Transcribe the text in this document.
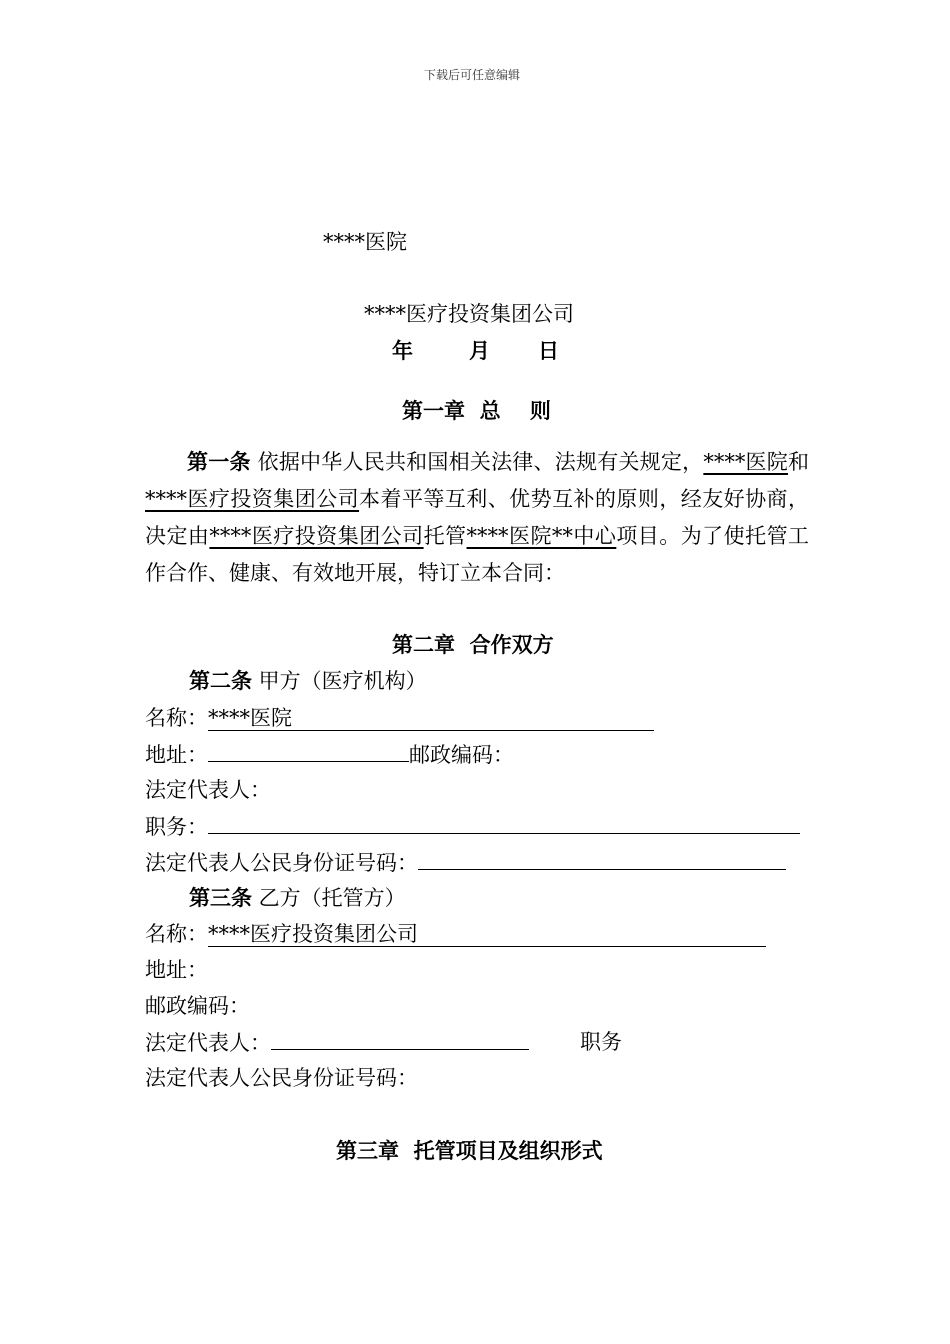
下载后可任意编辑
****医院
****医疗投资集团公司
年	月 日
第一章  总    则
第一条 依据中华人民共和国相关法律、法规有关规定，****医院和****医疗投资集团公司本着平等互利、优势互补的原则，经友好协商，决定由****医疗投资集团公司托管****医院**中心项目。为了使托管工作合作、健康、有效地开展，特订立本合同：
第二章  合作双方
第二条 甲方（医疗机构）
名称：****医院
地址：	邮政编码：
法定代表人：
职务：
法定代表人公民身份证号码：
第三条 乙方（托管方）
名称：****医疗投资集团公司
地址：
邮政编码：
法定代表人：	职务
法定代表人公民身份证号码：
第三章  托管项目及组织形式
